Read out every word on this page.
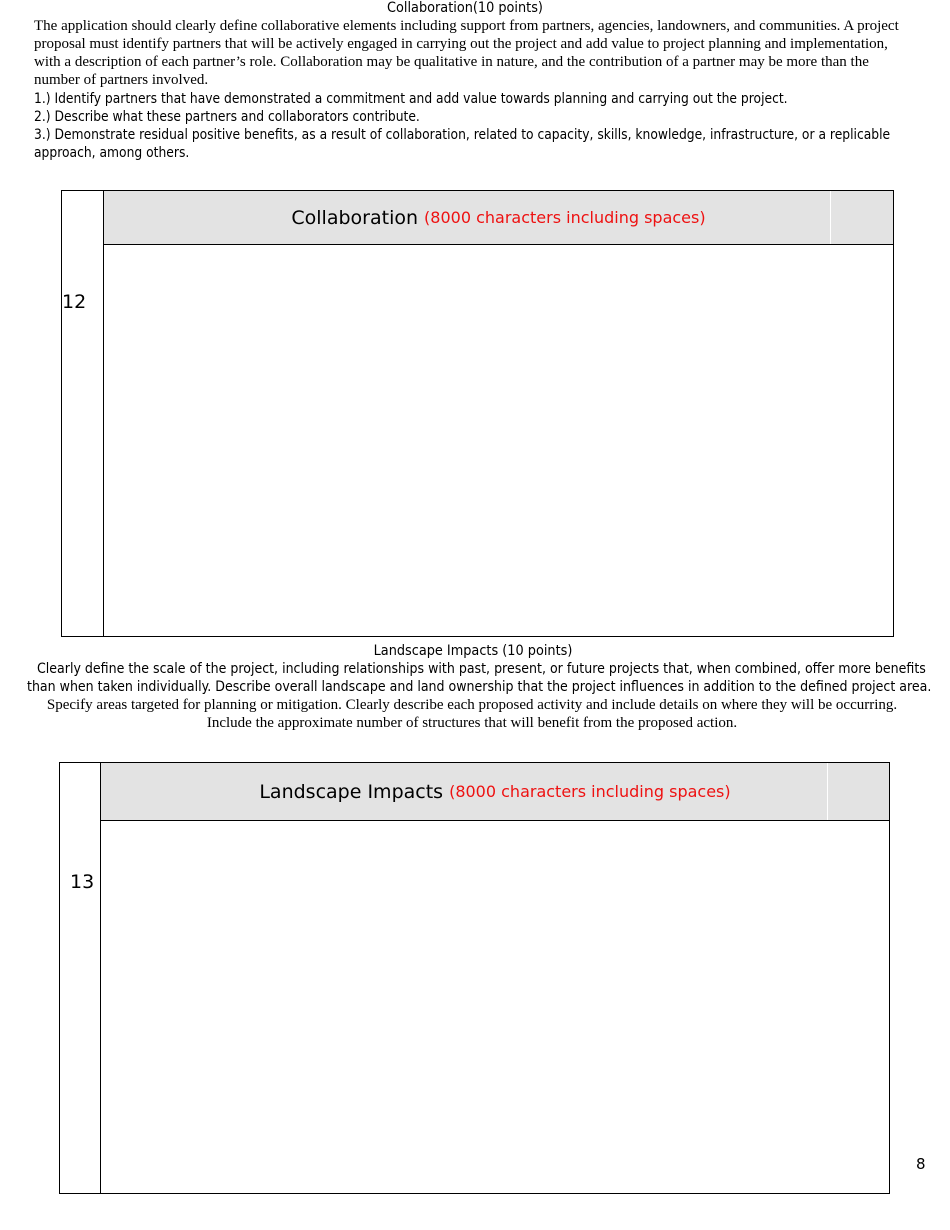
Collaboration(10 points)
The application should clearly define collaborative elements including support from partners, agencies, landowners, and communities. A project proposal must identify partners that will be actively engaged in carrying out the project and add value to project planning and implementation, with a description of each partner’s role. Collaboration may be qualitative in nature, and the contribution of a partner may be more than the number of partners involved.
1.) Identify partners that have demonstrated a commitment and add value towards planning and carrying out the project.
2.) Describe what these partners and collaborators contribute.
3.) Demonstrate residual positive benefits, as a result of collaboration, related to capacity, skills, knowledge, infrastructure, or a replicable
approach, among others.
12
Collaboration (8000 characters including spaces)
Landscape Impacts (10 points)
Clearly define the scale of the project, including relationships with past, present, or future projects that, when combined, offer more benefits
than when taken individually. Describe overall landscape and land ownership that the project influences in addition to the defined project area.
Specify areas targeted for planning or mitigation. Clearly describe each proposed activity and include details on where they will be occurring.
Include the approximate number of structures that will benefit from the proposed action.
13
Landscape Impacts (8000 characters including spaces)
8
